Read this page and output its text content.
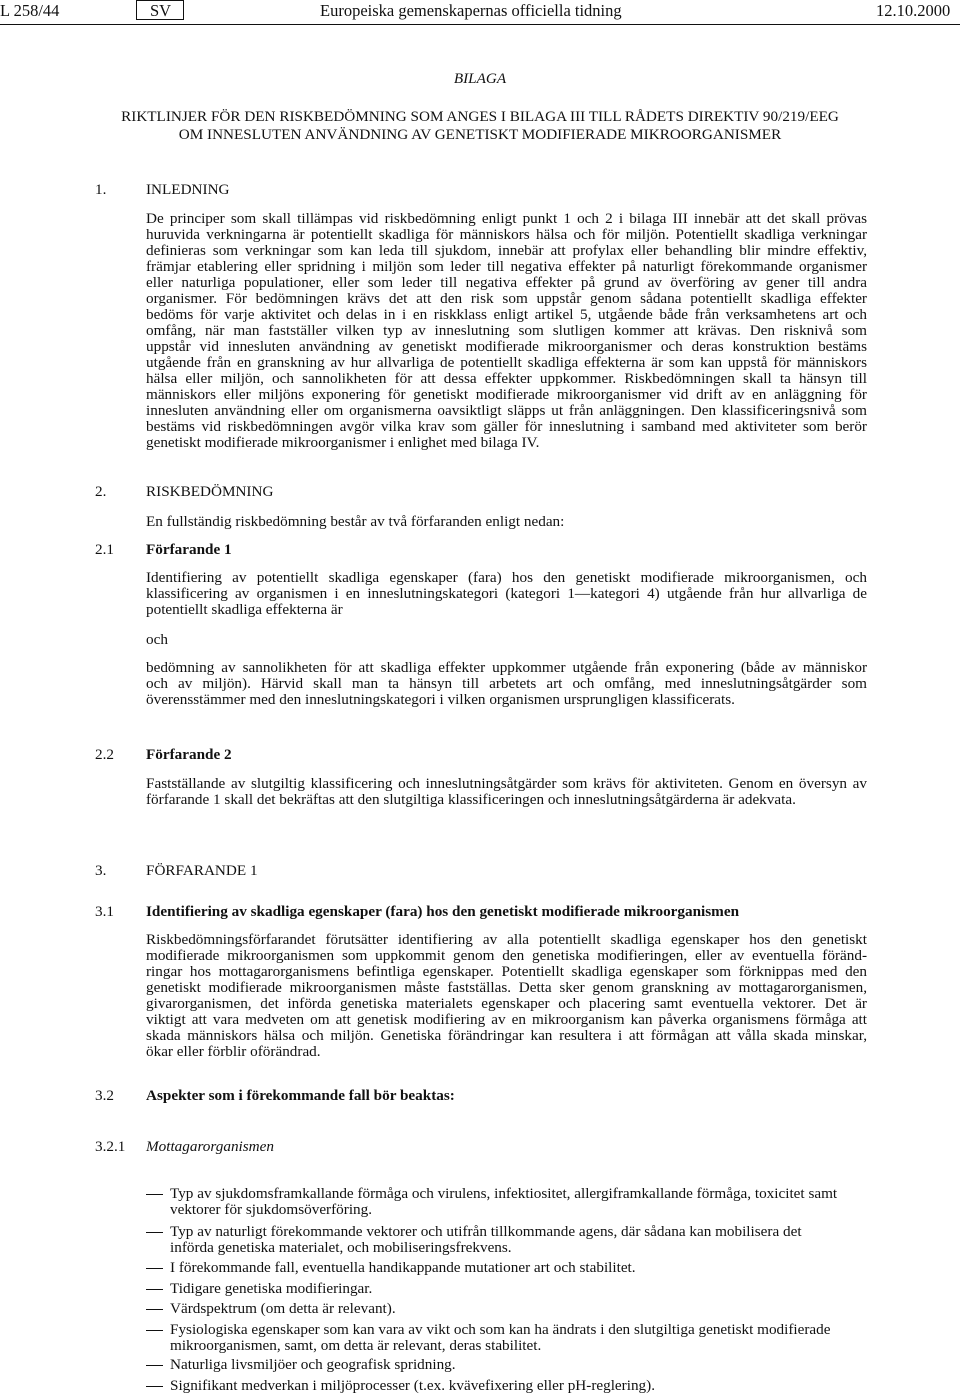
L 258/44	SV	Europeiska gemenskapernas officiella tidning	12.10.2000
BILAGA
RIKTLINJER FÖR DEN RISKBEDÖMNING SOM ANGES I BILAGA III TILL RÅDETS DIREKTIV 90/219/EEG
OM INNESLUTEN ANVÄNDNING AV GENETISKT MODIFIERADE MIKROORGANISMER
1.	INLEDNING
De principer som skall tillämpas vid riskbedömning enligt punkt 1 och 2 i bilaga III innebär att det skall prövas
huruvida verkningarna är potentiellt skadliga för människors hälsa och för miljön. Potentiellt skadliga verkningar
definieras som verkningar som kan leda till sjukdom, innebär att profylax eller behandling blir mindre effektiv,
främjar etablering eller spridning i miljön som leder till negativa effekter på naturligt förekommande organismer
eller naturliga populationer, eller som leder till negativa effekter på grund av överföring av gener till andra
organismer. För bedömningen krävs det att den risk som uppstår genom sådana potentiellt skadliga effekter
bedöms för varje aktivitet och delas in i en riskklass enligt artikel 5, utgående både från verksamhetens art och
omfång, när man fastställer vilken typ av inneslutning som slutligen kommer att krävas. Den risknivå som
uppstår vid innesluten användning av genetiskt modifierade mikroorganismer och deras konstruktion bestäms
utgående från en granskning av hur allvarliga de potentiellt skadliga effekterna är som kan uppstå för människors
hälsa eller miljön, och sannolikheten för att dessa effekter uppkommer. Riskbedömningen skall ta hänsyn till
människors eller miljöns exponering för genetiskt modifierade mikroorganismer vid drift av en anläggning för
innesluten användning eller om organismerna oavsiktligt släpps ut från anläggningen. Den klassificeringsnivå som
bestäms vid riskbedömningen avgör vilka krav som gäller för inneslutning i samband med aktiviteter som berör
genetiskt modifierade mikroorganismer i enlighet med bilaga IV.
2.	RISKBEDÖMNING
En fullständig riskbedömning består av två förfaranden enligt nedan:
2.1 Förfarande 1
Identifiering av potentiellt skadliga egenskaper (fara) hos den genetiskt modifierade mikroorganismen, och
klassificering av organismen i en inneslutningskategori (kategori 1—kategori 4) utgående från hur allvarliga de
potentiellt skadliga effekterna är
och
bedömning av sannolikheten för att skadliga effekter uppkommer utgående från exponering (både av människor
och av miljön). Härvid skall man ta hänsyn till arbetets art och omfång, med inneslutningsåtgärder som
överensstämmer med den inneslutningskategori i vilken organismen ursprungligen klassificerats.
2.2 Förfarande 2
Fastställande av slutgiltig klassificering och inneslutningsåtgärder som krävs för aktiviteten. Genom en översyn av
förfarande 1 skall det bekräftas att den slutgiltiga klassificeringen och inneslutningsåtgärderna är adekvata.
3.	FÖRFARANDE 1
3.1 Identifiering av skadliga egenskaper (fara) hos den genetiskt modifierade mikroorganismen
Riskbedömningsförfarandet förutsätter identifiering av alla potentiellt skadliga egenskaper hos den genetiskt
modifierade mikroorganismen som uppkommit genom den genetiska modifieringen, eller av eventuella föränd-
ringar hos mottagarorganismens befintliga egenskaper. Potentiellt skadliga egenskaper som förknippas med den
genetiskt modifierade mikroorganismen måste fastställas. Detta sker genom granskning av mottagarorganismen,
givarorganismen, det införda genetiska materialets egenskaper och placering samt eventuella vektorer. Det är
viktigt att vara medveten om att genetisk modifiering av en mikroorganism kan påverka organismens förmåga att
skada människors hälsa och miljön. Genetiska förändringar kan resultera i att förmågan att vålla skada minskar,
ökar eller förblir oförändrad.
3.2 Aspekter som i förekommande fall bör beaktas:
3.2.1 Mottagarorganismen
Typ av sjukdomsframkallande förmåga och virulens, infektiositet, allergiframkallande förmåga, toxicitet samt
vektorer för sjukdomsöverföring.
Typ av naturligt förekommande vektorer och utifrån tillkommande agens, där sådana kan mobilisera det
införda genetiska materialet, och mobiliseringsfrekvens.
I förekommande fall, eventuella handikappande mutationer art och stabilitet.
Tidigare genetiska modifieringar.
Värdspektrum (om detta är relevant).
Fysiologiska egenskaper som kan vara av vikt och som kan ha ändrats i den slutgiltiga genetiskt modifierade
mikroorganismen, samt, om detta är relevant, deras stabilitet.
Naturliga livsmiljöer och geografisk spridning.
Signifikant medverkan i miljöprocesser (t.ex. kvävefixering eller pH-reglering).
